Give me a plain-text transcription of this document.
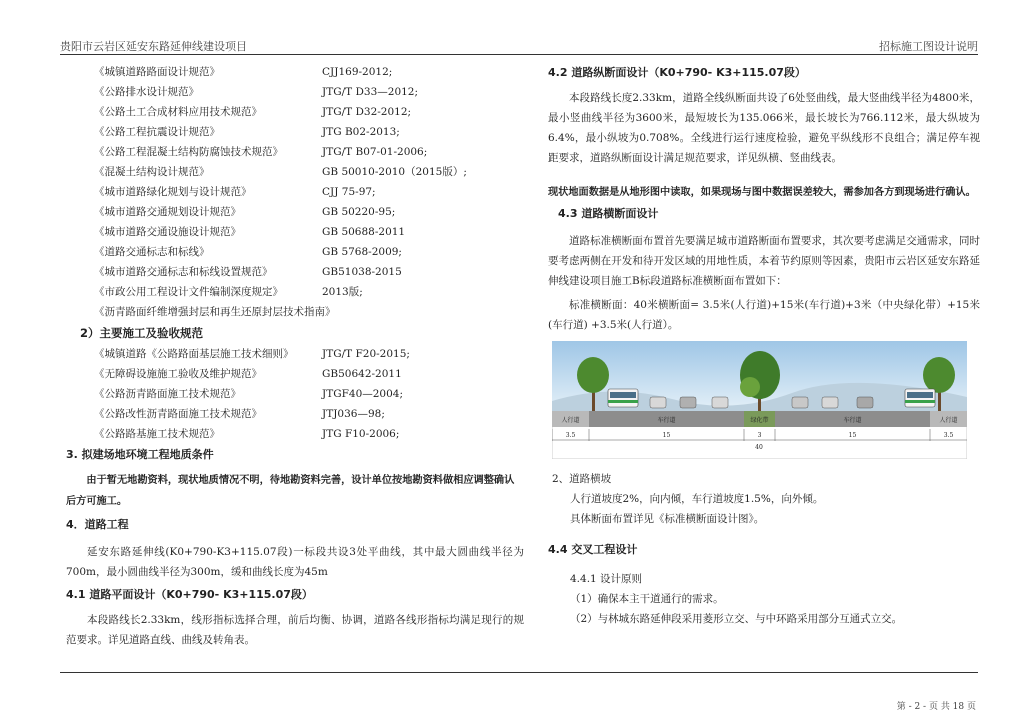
贵阳市云岩区延安东路延伸线建设项目	招标施工图设计说明
《城镇道路路面设计规范》	CJJ169-2012;
《公路排水设计规范》	JTG/T D33—2012;
《公路土工合成材料应用技术规范》	JTG/T D32-2012;
《公路工程抗震设计规范》	JTG B02-2013;
《公路工程混凝土结构防腐蚀技术规范》	JTG/T B07-01-2006;
《混凝土结构设计规范》	GB 50010-2010（2015版）;
《城市道路绿化规划与设计规范》	CJJ 75-97;
《城市道路交通规划设计规范》	GB 50220-95;
《城市道路交通设施设计规范》	GB 50688-2011
《道路交通标志和标线》	GB 5768-2009;
《城市道路交通标志和标线设置规范》	GB51038-2015
《市政公用工程设计文件编制深度规定》	2013版;
《沥青路面纤维增强封层和再生还原封层技术指南》
2）主要施工及验收规范
《城镇道路《公路路面基层施工技术细则》	JTG/T F20-2015;
《无障碍设施施工验收及维护规范》	GB50642-2011
《公路沥青路面施工技术规范》	JTGF40—2004;
《公路改性沥青路面施工技术规范》	JTJ036—98;
《公路路基施工技术规范》	JTG F10-2006;
3. 拟建场地环境工程地质条件
由于暂无地勘资料，现状地质情况不明，待地勘资料完善，设计单位按地勘资料做相应调整确认后方可施工。
4．道路工程
延安东路延伸线(K0+790-K3+115.07段)一标段共设3处平曲线，其中最大圆曲线半径为700m，最小圆曲线半径为300m，缓和曲线长度为45m
4.1 道路平面设计（K0+790- K3+115.07段）
本段路线长2.33km，线形指标选择合理，前后均衡、协调，道路各线形指标均满足现行的规范要求。详见道路直线、曲线及转角表。
4.2 道路纵断面设计（K0+790- K3+115.07段）
本段路线长度2.33km，道路全线纵断面共设了6处竖曲线，最大竖曲线半径为4800米，最小竖曲线半径为3600米，最短坡长为135.066米，最长坡长为766.112米，最大纵坡为6.4%，最小纵坡为0.708%。全线进行运行速度检验，避免平纵线形不良组合；满足停车视距要求，道路纵断面设计满足规范要求，详见纵横、竖曲线表。
现状地面数据是从地形图中读取，如果现场与图中数据误差较大，需参加各方到现场进行确认。
4.3 道路横断面设计
道路标准横断面布置首先要满足城市道路断面布置要求，其次要考虑满足交通需求，同时要考虑两侧在开发和待开发区域的用地性质，本着节约原则等因素，贵阳市云岩区延安东路延伸线建设项目施工B标段道路标准横断面布置如下：
标准横断面：40米横断面= 3.5米(人行道)+15米(车行道)+3米（中央绿化带）+15米(车行道) +3.5米(人行道）。
人行道
3.5
车行道
15
绿化带
3
车行道
15
人行道
3.5
40
2、道路横坡
人行道坡度2%，向内倾，车行道坡度1.5%，向外倾。
具体断面布置详见《标准横断面设计图》。
4.4 交叉工程设计
4.4.1 设计原则
（1）确保本主干道通行的需求。
（2）与林城东路延伸段采用菱形立交、与中环路采用部分互通式立交。
第 - 2 - 页 共 18 页
